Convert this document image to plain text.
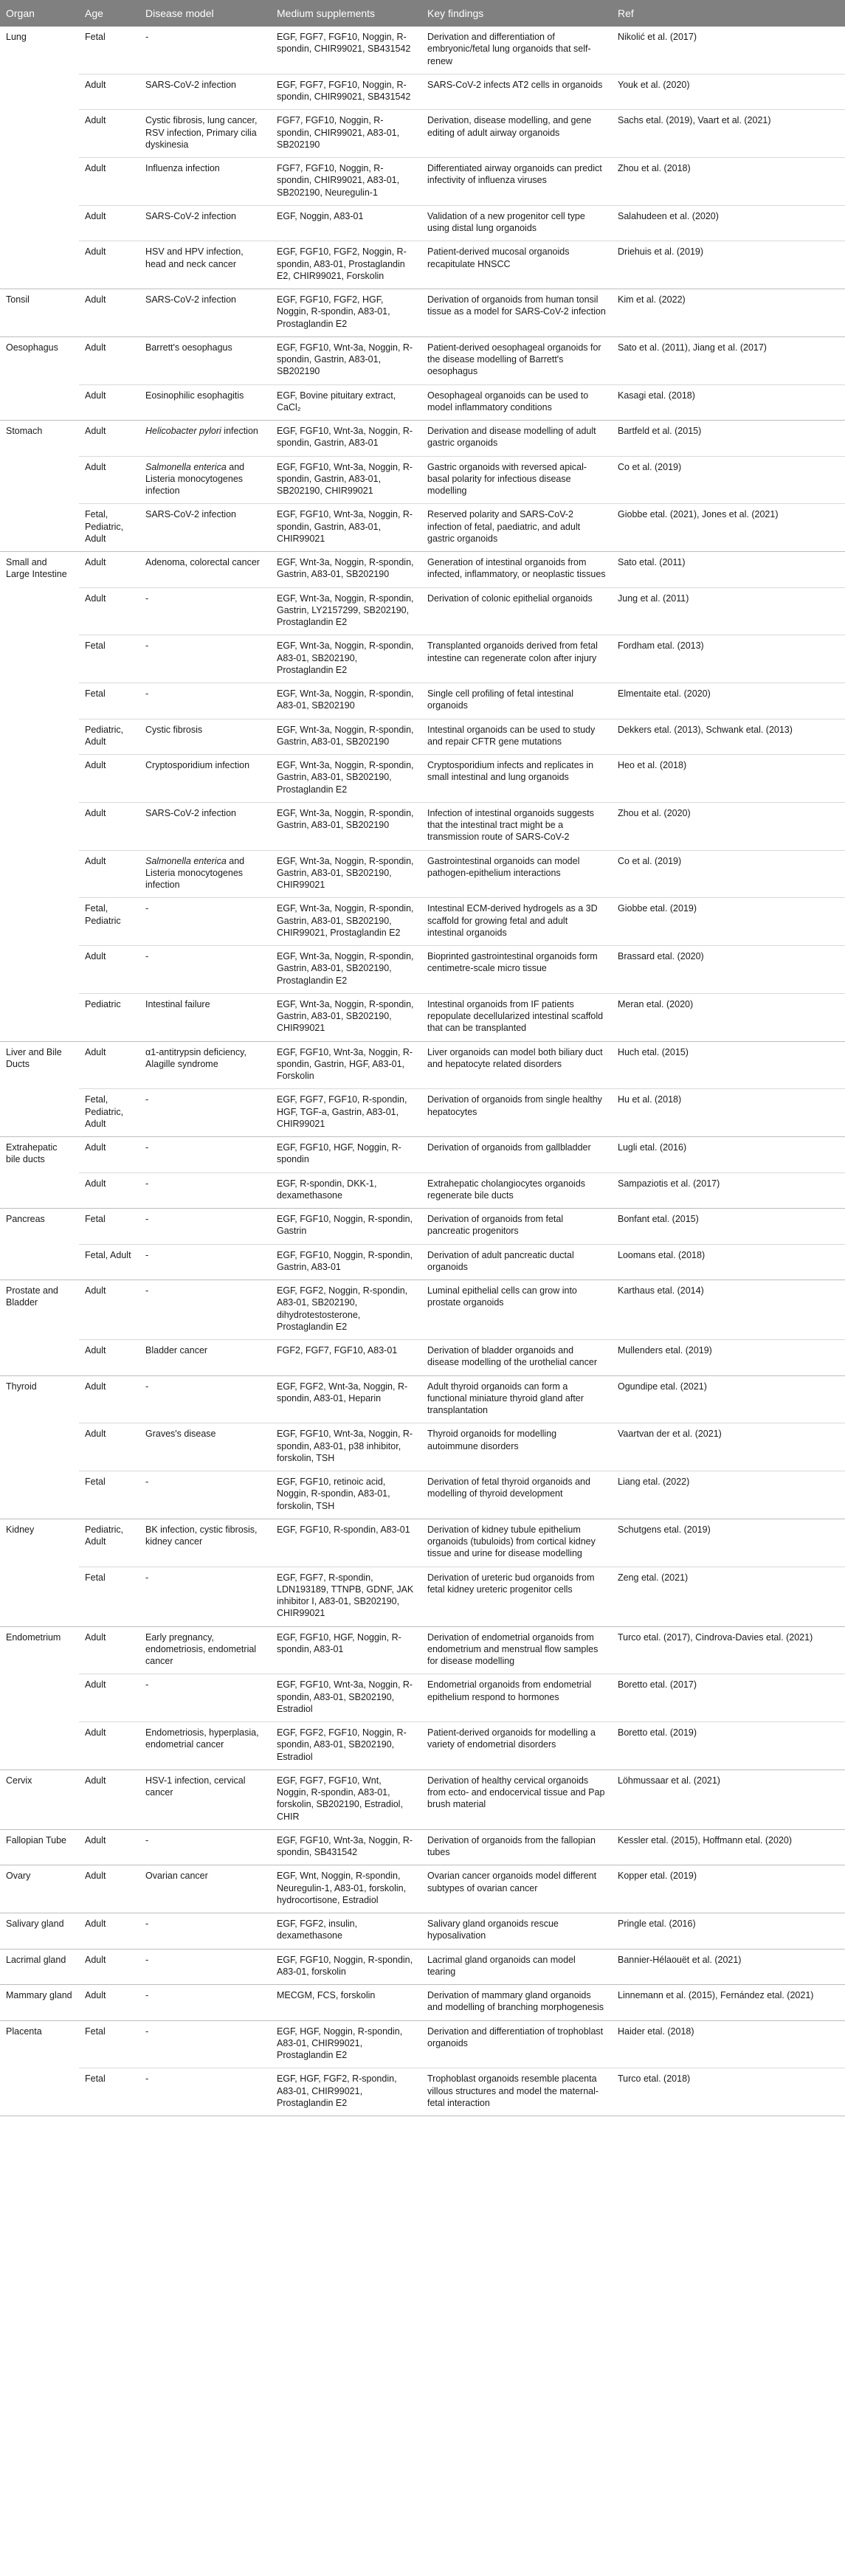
Organ	Age	Disease model	Medium supplements	Key findings	Ref
Lung	Fetal	-	EGF, FGF7, FGF10, Noggin, R-spondin, CHIR99021, SB431542	Derivation and differentiation of embryonic/fetal lung organoids that self-renew	Nikolić et al. (2017)
	Adult	SARS-CoV-2 infection	EGF, FGF7, FGF10, Noggin, R-spondin, CHIR99021, SB431542	SARS-CoV-2 infects AT2 cells in organoids	Youk et al. (2020)
	Adult	Cystic fibrosis, lung cancer, RSV infection, Primary cilia dyskinesia	FGF7, FGF10, Noggin, R-spondin, CHIR99021, A83-01, SB202190	Derivation, disease modelling, and gene editing of adult airway organoids	Sachs etal. (2019), Vaart et al. (2021)
	Adult	Influenza infection	FGF7, FGF10, Noggin, R-spondin, CHIR99021, A83-01, SB202190, Neuregulin-1	Differentiated airway organoids can predict infectivity of influenza viruses	Zhou et al. (2018)
	Adult	SARS-CoV-2 infection	EGF, Noggin, A83-01	Validation of a new progenitor cell type using distal lung organoids	Salahudeen et al. (2020)
	Adult	HSV and HPV infection, head and neck cancer	EGF, FGF10, FGF2, Noggin, R-spondin, A83-01, Prostaglandin E2, CHIR99021, Forskolin	Patient-derived mucosal organoids recapitulate HNSCC	Driehuis et al. (2019)
Tonsil	Adult	SARS-CoV-2 infection	EGF, FGF10, FGF2, HGF, Noggin, R-spondin, A83-01, Prostaglandin E2	Derivation of organoids from human tonsil tissue as a model for SARS-CoV-2 infection	Kim et al. (2022)
Oesophagus	Adult	Barrett's oesophagus	EGF, FGF10, Wnt-3a, Noggin, R-spondin, Gastrin, A83-01, SB202190	Patient-derived oesophageal organoids for the disease modelling of Barrett's oesophagus	Sato et al. (2011), Jiang et al. (2017)
	Adult	Eosinophilic esophagitis	EGF, Bovine pituitary extract, CaCl₂	Oesophageal organoids can be used to model inflammatory conditions	Kasagi etal. (2018)
Stomach	Adult	Helicobacter pylori infection	EGF, FGF10, Wnt-3a, Noggin, R-spondin, Gastrin, A83-01	Derivation and disease modelling of adult gastric organoids	Bartfeld et al. (2015)
	Adult	Salmonella enterica and Listeria monocytogenes infection	EGF, FGF10, Wnt-3a, Noggin, R-spondin, Gastrin, A83-01, SB202190, CHIR99021	Gastric organoids with reversed apical-basal polarity for infectious disease modelling	Co et al. (2019)
	Fetal, Pediatric, Adult	SARS-CoV-2 infection	EGF, FGF10, Wnt-3a, Noggin, R-spondin, Gastrin, A83-01, CHIR99021	Reserved polarity and SARS-CoV-2 infection of fetal, paediatric, and adult gastric organoids	Giobbe etal. (2021), Jones et al. (2021)
Small and Large Intestine	Adult	Adenoma, colorectal cancer	EGF, Wnt-3a, Noggin, R-spondin, Gastrin, A83-01, SB202190	Generation of intestinal organoids from infected, inflammatory, or neoplastic tissues	Sato etal. (2011)
	Adult	-	EGF, Wnt-3a, Noggin, R-spondin, Gastrin, LY2157299, SB202190, Prostaglandin E2	Derivation of colonic epithelial organoids	Jung et al. (2011)
	Fetal	-	EGF, Wnt-3a, Noggin, R-spondin, A83-01, SB202190, Prostaglandin E2	Transplanted organoids derived from fetal intestine can regenerate colon after injury	Fordham etal. (2013)
	Fetal	-	EGF, Wnt-3a, Noggin, R-spondin, A83-01, SB202190	Single cell profiling of fetal intestinal organoids	Elmentaite etal. (2020)
	Pediatric, Adult	Cystic fibrosis	EGF, Wnt-3a, Noggin, R-spondin, Gastrin, A83-01, SB202190	Intestinal organoids can be used to study and repair CFTR gene mutations	Dekkers etal. (2013), Schwank etal. (2013)
	Adult	Cryptosporidium infection	EGF, Wnt-3a, Noggin, R-spondin, Gastrin, A83-01, SB202190, Prostaglandin E2	Cryptosporidium infects and replicates in small intestinal and lung organoids	Heo et al. (2018)
	Adult	SARS-CoV-2 infection	EGF, Wnt-3a, Noggin, R-spondin, Gastrin, A83-01, SB202190	Infection of intestinal organoids suggests that the intestinal tract might be a transmission route of SARS-CoV-2	Zhou et al. (2020)
	Adult	Salmonella enterica and Listeria monocytogenes infection	EGF, Wnt-3a, Noggin, R-spondin, Gastrin, A83-01, SB202190, CHIR99021	Gastrointestinal organoids can model pathogen-epithelium interactions	Co et al. (2019)
	Fetal, Pediatric	-	EGF, Wnt-3a, Noggin, R-spondin, Gastrin, A83-01, SB202190, CHIR99021, Prostaglandin E2	Intestinal ECM-derived hydrogels as a 3D scaffold for growing fetal and adult intestinal organoids	Giobbe etal. (2019)
	Adult	-	EGF, Wnt-3a, Noggin, R-spondin, Gastrin, A83-01, SB202190, Prostaglandin E2	Bioprinted gastrointestinal organoids form centimetre-scale micro tissue	Brassard etal. (2020)
	Pediatric	Intestinal failure	EGF, Wnt-3a, Noggin, R-spondin, Gastrin, A83-01, SB202190, CHIR99021	Intestinal organoids from IF patients repopulate decellularized intestinal scaffold that can be transplanted	Meran etal. (2020)
Liver and Bile Ducts	Adult	α1-antitrypsin deficiency, Alagille syndrome	EGF, FGF10, Wnt-3a, Noggin, R-spondin, Gastrin, HGF, A83-01, Forskolin	Liver organoids can model both biliary duct and hepatocyte related disorders	Huch etal. (2015)
	Fetal, Pediatric, Adult	-	EGF, FGF7, FGF10, R-spondin, HGF, TGF-a, Gastrin, A83-01, CHIR99021	Derivation of organoids from single healthy hepatocytes	Hu et al. (2018)
Extrahepatic bile ducts	Adult	-	EGF, FGF10, HGF, Noggin, R-spondin	Derivation of organoids from gallbladder	Lugli etal. (2016)
	Adult	-	EGF, R-spondin, DKK-1, dexamethasone	Extrahepatic cholangiocytes organoids regenerate bile ducts	Sampaziotis et al. (2017)
Pancreas	Fetal	-	EGF, FGF10, Noggin, R-spondin, Gastrin	Derivation of organoids from fetal pancreatic progenitors	Bonfant etal. (2015)
	Fetal, Adult	-	EGF, FGF10, Noggin, R-spondin, Gastrin, A83-01	Derivation of adult pancreatic ductal organoids	Loomans etal. (2018)
Prostate and Bladder	Adult	-	EGF, FGF2, Noggin, R-spondin, A83-01, SB202190, dihydrotestosterone, Prostaglandin E2	Luminal epithelial cells can grow into prostate organoids	Karthaus etal. (2014)
	Adult	Bladder cancer	FGF2, FGF7, FGF10, A83-01	Derivation of bladder organoids and disease modelling of the urothelial cancer	Mullenders etal. (2019)
Thyroid	Adult	-	EGF, FGF2, Wnt-3a, Noggin, R-spondin, A83-01, Heparin	Adult thyroid organoids can form a functional miniature thyroid gland after transplantation	Ogundipe etal. (2021)
	Adult	Graves's disease	EGF, FGF10, Wnt-3a, Noggin, R-spondin, A83-01, p38 inhibitor, forskolin, TSH	Thyroid organoids for modelling autoimmune disorders	Vaartvan der et al. (2021)
	Fetal	-	EGF, FGF10, retinoic acid, Noggin, R-spondin, A83-01, forskolin, TSH	Derivation of fetal thyroid organoids and modelling of thyroid development	Liang etal. (2022)
Kidney	Pediatric, Adult	BK infection, cystic fibrosis, kidney cancer	EGF, FGF10, R-spondin, A83-01	Derivation of kidney tubule epithelium organoids (tubuloids) from cortical kidney tissue and urine for disease modelling	Schutgens etal. (2019)
	Fetal	-	EGF, FGF7, R-spondin, LDN193189, TTNPB, GDNF, JAK inhibitor I, A83-01, SB202190, CHIR99021	Derivation of ureteric bud organoids from fetal kidney ureteric progenitor cells	Zeng etal. (2021)
Endometrium	Adult	Early pregnancy, endometriosis, endometrial cancer	EGF, FGF10, HGF, Noggin, R-spondin, A83-01	Derivation of endometrial organoids from endometrium and menstrual flow samples for disease modelling	Turco etal. (2017), Cindrova-Davies etal. (2021)
	Adult	-	EGF, FGF10, Wnt-3a, Noggin, R-spondin, A83-01, SB202190, Estradiol	Endometrial organoids from endometrial epithelium respond to hormones	Boretto etal. (2017)
	Adult	Endometriosis, hyperplasia, endometrial cancer	EGF, FGF2, FGF10, Noggin, R-spondin, A83-01, SB202190, Estradiol	Patient-derived organoids for modelling a variety of endometrial disorders	Boretto etal. (2019)
Cervix	Adult	HSV-1 infection, cervical cancer	EGF, FGF7, FGF10, Wnt, Noggin, R-spondin, A83-01, forskolin, SB202190, Estradiol, CHIR	Derivation of healthy cervical organoids from ecto- and endocervical tissue and Pap brush material	Löhmussaar et al. (2021)
Fallopian Tube	Adult	-	EGF, FGF10, Wnt-3a, Noggin, R-spondin, SB431542	Derivation of organoids from the fallopian tubes	Kessler etal. (2015), Hoffmann etal. (2020)
Ovary	Adult	Ovarian cancer	EGF, Wnt, Noggin, R-spondin, Neuregulin-1, A83-01, forskolin, hydrocortisone, Estradiol	Ovarian cancer organoids model different subtypes of ovarian cancer	Kopper etal. (2019)
Salivary gland	Adult	-	EGF, FGF2, insulin, dexamethasone	Salivary gland organoids rescue hyposalivation	Pringle etal. (2016)
Lacrimal gland	Adult	-	EGF, FGF10, Noggin, R-spondin, A83-01, forskolin	Lacrimal gland organoids can model tearing	Bannier-Hélaouët et al. (2021)
Mammary gland	Adult	-	MECGM, FCS, forskolin	Derivation of mammary gland organoids and modelling of branching morphogenesis	Linnemann et al. (2015), Fernández etal. (2021)
Placenta	Fetal	-	EGF, HGF, Noggin, R-spondin, A83-01, CHIR99021, Prostaglandin E2	Derivation and differentiation of trophoblast organoids	Haider etal. (2018)
	Fetal	-	EGF, HGF, FGF2, R-spondin, A83-01, CHIR99021, Prostaglandin E2	Trophoblast organoids resemble placenta villous structures and model the maternal-fetal interaction	Turco etal. (2018)
